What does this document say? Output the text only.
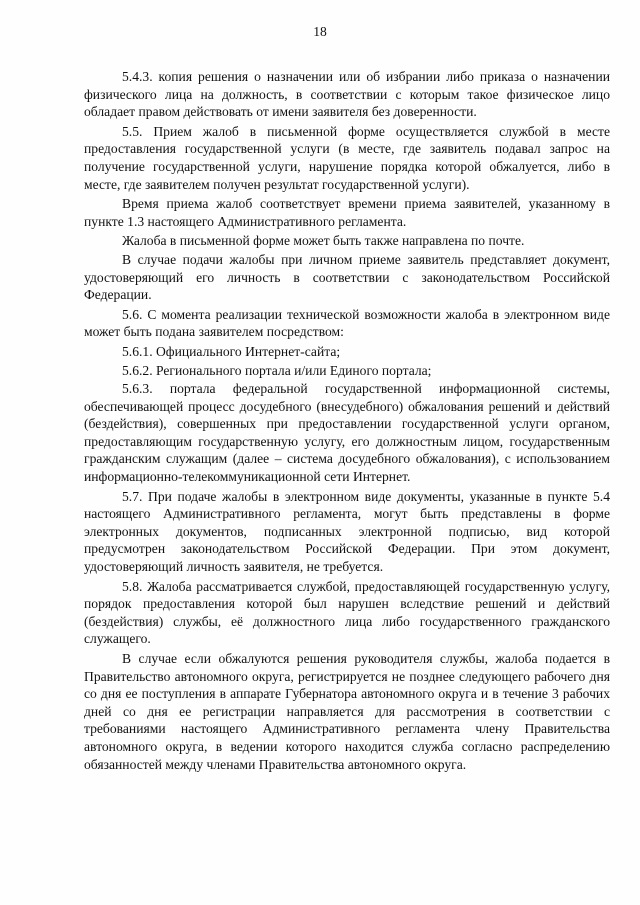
18

5.4.3. копия решения о назначении или об избрании либо приказа о назначении физического лица на должность, в соответствии с которым такое физическое лицо обладает правом действовать от имени заявителя без доверенности.

5.5. Прием жалоб в письменной форме осуществляется службой в месте предоставления государственной услуги (в месте, где заявитель подавал запрос на получение государственной услуги, нарушение порядка которой обжалуется, либо в месте, где заявителем получен результат государственной услуги).

Время приема жалоб соответствует времени приема заявителей, указанному в пункте 1.3 настоящего Административного регламента.

Жалоба в письменной форме может быть также направлена по почте.

В случае подачи жалобы при личном приеме заявитель представляет документ, удостоверяющий его личность в соответствии с законодательством Российской Федерации.

5.6. С момента реализации технической возможности жалоба в электронном виде может быть подана заявителем посредством:

5.6.1. Официального Интернет-сайта;

5.6.2. Регионального портала и/или Единого портала;

5.6.3. портала федеральной государственной информационной системы, обеспечивающей процесс досудебного (внесудебного) обжалования решений и действий (бездействия), совершенных при предоставлении государственной услуги органом, предоставляющим государственную услугу, его должностным лицом, государственным гражданским служащим (далее – система досудебного обжалования), с использованием информационно-телекоммуникационной сети Интернет.

5.7. При подаче жалобы в электронном виде документы, указанные в пункте 5.4 настоящего Административного регламента, могут быть представлены в форме электронных документов, подписанных электронной подписью, вид которой предусмотрен законодательством Российской Федерации. При этом документ, удостоверяющий личность заявителя, не требуется.

5.8. Жалоба рассматривается службой, предоставляющей государственную услугу, порядок предоставления которой был нарушен вследствие решений и действий (бездействия) службы, её должностного лица либо государственного гражданского служащего.

В случае если обжалуются решения руководителя службы, жалоба подается в Правительство автономного округа, регистрируется не позднее следующего рабочего дня со дня ее поступления в аппарате Губернатора автономного округа и в течение 3 рабочих дней со дня ее регистрации направляется для рассмотрения в соответствии с требованиями настоящего Административного регламента члену Правительства автономного округа, в ведении которого находится служба согласно распределению обязанностей между членами Правительства автономного округа.
